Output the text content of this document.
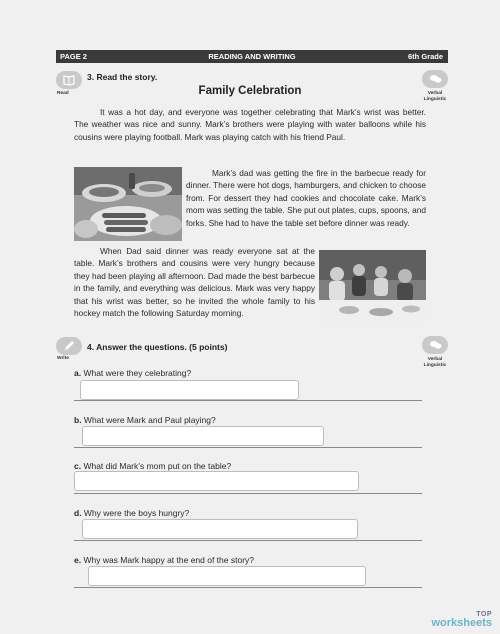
PAGE 2	READING AND WRITING	6th Grade
Read
3. Read the story.
Verbal
Linguistic
Family Celebration
It was a hot day, and everyone was together celebrating that Mark’s wrist was better. The weather was nice and sunny. Mark’s brothers were playing with water balloons while his cousins were playing football. Mark was playing catch with his friend Paul.
Mark’s dad was getting the fire in the barbecue ready for dinner. There were hot dogs, hamburgers, and chicken to choose from. For dessert they had cookies and chocolate cake. Mark’s mom was setting the table. She put out plates, cups, spoons, and forks. She had to have the table set before dinner was ready.
When Dad said dinner was ready everyone sat at the table. Mark’s brothers and cousins were very hungry because they had been playing all afternoon. Dad made the best barbecue in the family, and everything was delicious. Mark was very happy that his wrist was better, so he invited the whole family to his hockey match the following Saturday morning.
Write
4. Answer the questions. (5 points)
Verbal
Linguistic
a. What were they celebrating?
b. What were Mark and Paul playing?
c. What did Mark’s mom put on the table?
d. Why were the boys hungry?
e. Why was Mark happy at the end of the story?
TOP
worksheets
